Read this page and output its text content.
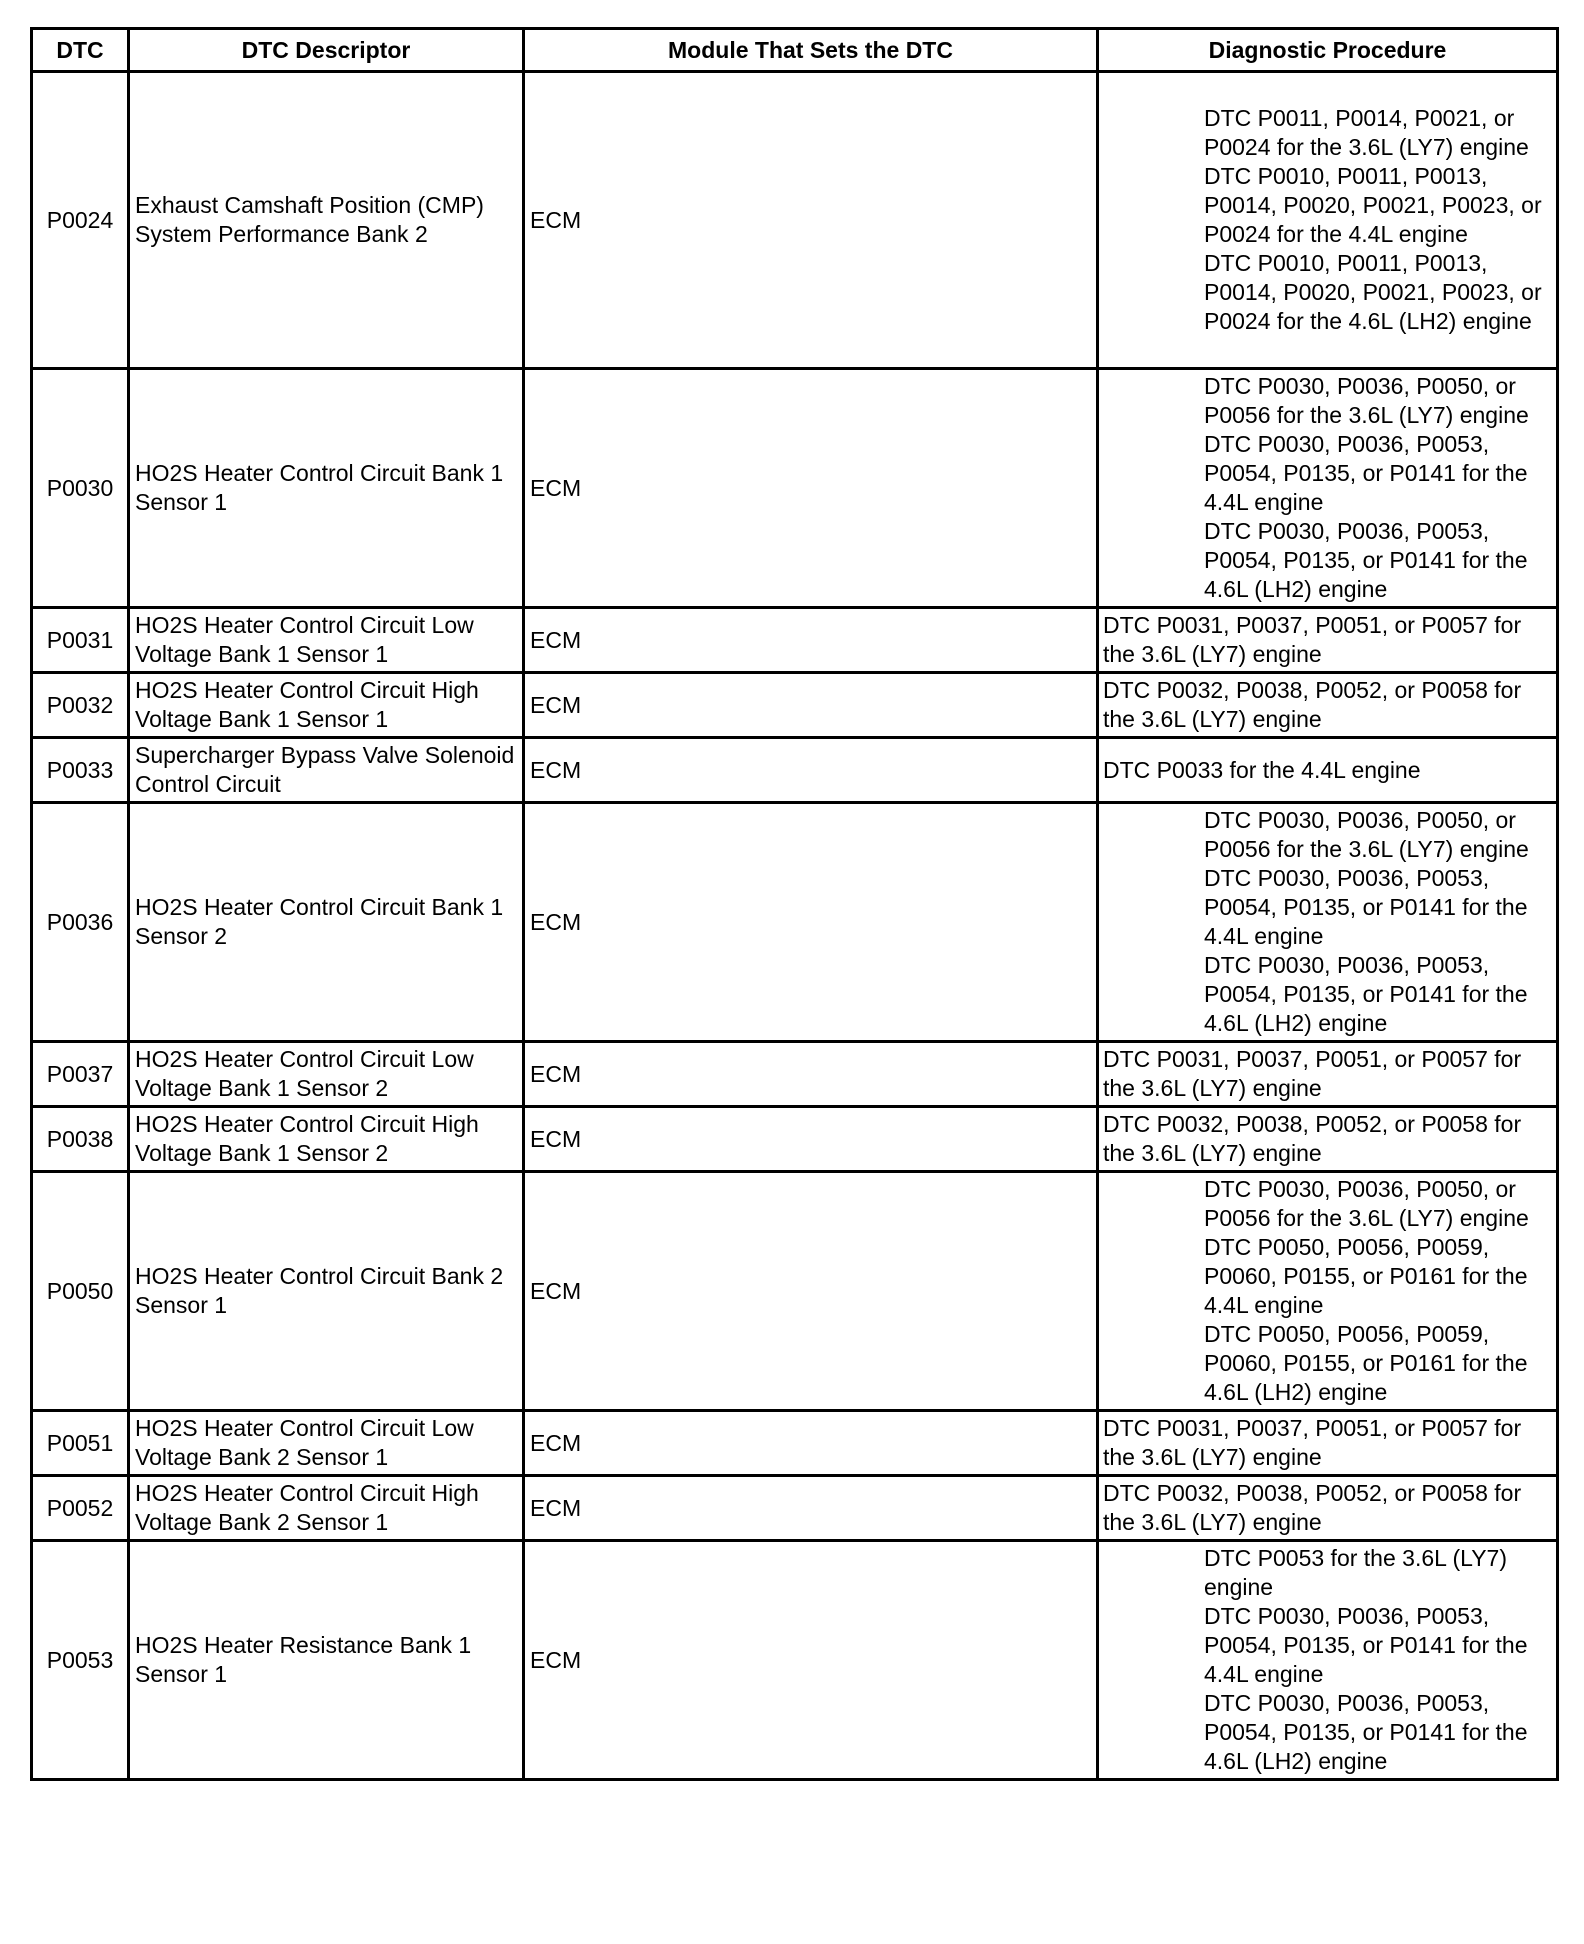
DTC	DTC Descriptor	Module That Sets the DTC	Diagnostic Procedure
P0024	Exhaust Camshaft Position (CMP) System Performance Bank 2	ECM	DTC P0011, P0014, P0021, or P0024 for the 3.6L (LY7) engine
DTC P0010, P0011, P0013, P0014, P0020, P0021, P0023, or P0024 for the 4.4L engine
DTC P0010, P0011, P0013, P0014, P0020, P0021, P0023, or P0024 for the 4.6L (LH2) engine

P0030	HO2S Heater Control Circuit Bank 1 Sensor 1	ECM	DTC P0030, P0036, P0050, or P0056 for the 3.6L (LY7) engine
DTC P0030, P0036, P0053, P0054, P0135, or P0141 for the 4.4L engine
DTC P0030, P0036, P0053, P0054, P0135, or P0141 for the 4.6L (LH2) engine

P0031	HO2S Heater Control Circuit Low Voltage Bank 1 Sensor 1	ECM	DTC P0031, P0037, P0051, or P0057 for the 3.6L (LY7) engine

P0032	HO2S Heater Control Circuit High Voltage Bank 1 Sensor 1	ECM	DTC P0032, P0038, P0052, or P0058 for the 3.6L (LY7) engine

P0033	Supercharger Bypass Valve Solenoid Control Circuit	ECM	DTC P0033 for the 4.4L engine

P0036	HO2S Heater Control Circuit Bank 1 Sensor 2	ECM	DTC P0030, P0036, P0050, or P0056 for the 3.6L (LY7) engine
DTC P0030, P0036, P0053, P0054, P0135, or P0141 for the 4.4L engine
DTC P0030, P0036, P0053, P0054, P0135, or P0141 for the 4.6L (LH2) engine

P0037	HO2S Heater Control Circuit Low Voltage Bank 1 Sensor 2	ECM	DTC P0031, P0037, P0051, or P0057 for the 3.6L (LY7) engine

P0038	HO2S Heater Control Circuit High Voltage Bank 1 Sensor 2	ECM	DTC P0032, P0038, P0052, or P0058 for the 3.6L (LY7) engine

P0050	HO2S Heater Control Circuit Bank 2 Sensor 1	ECM	DTC P0030, P0036, P0050, or P0056 for the 3.6L (LY7) engine
DTC P0050, P0056, P0059, P0060, P0155, or P0161 for the 4.4L engine
DTC P0050, P0056, P0059, P0060, P0155, or P0161 for the 4.6L (LH2) engine

P0051	HO2S Heater Control Circuit Low Voltage Bank 2 Sensor 1	ECM	DTC P0031, P0037, P0051, or P0057 for the 3.6L (LY7) engine

P0052	HO2S Heater Control Circuit High Voltage Bank 2 Sensor 1	ECM	DTC P0032, P0038, P0052, or P0058 for the 3.6L (LY7) engine

P0053	HO2S Heater Resistance Bank 1 Sensor 1	ECM	DTC P0053 for the 3.6L (LY7) engine
DTC P0030, P0036, P0053, P0054, P0135, or P0141 for the 4.4L engine
DTC P0030, P0036, P0053, P0054, P0135, or P0141 for the 4.6L (LH2) engine
